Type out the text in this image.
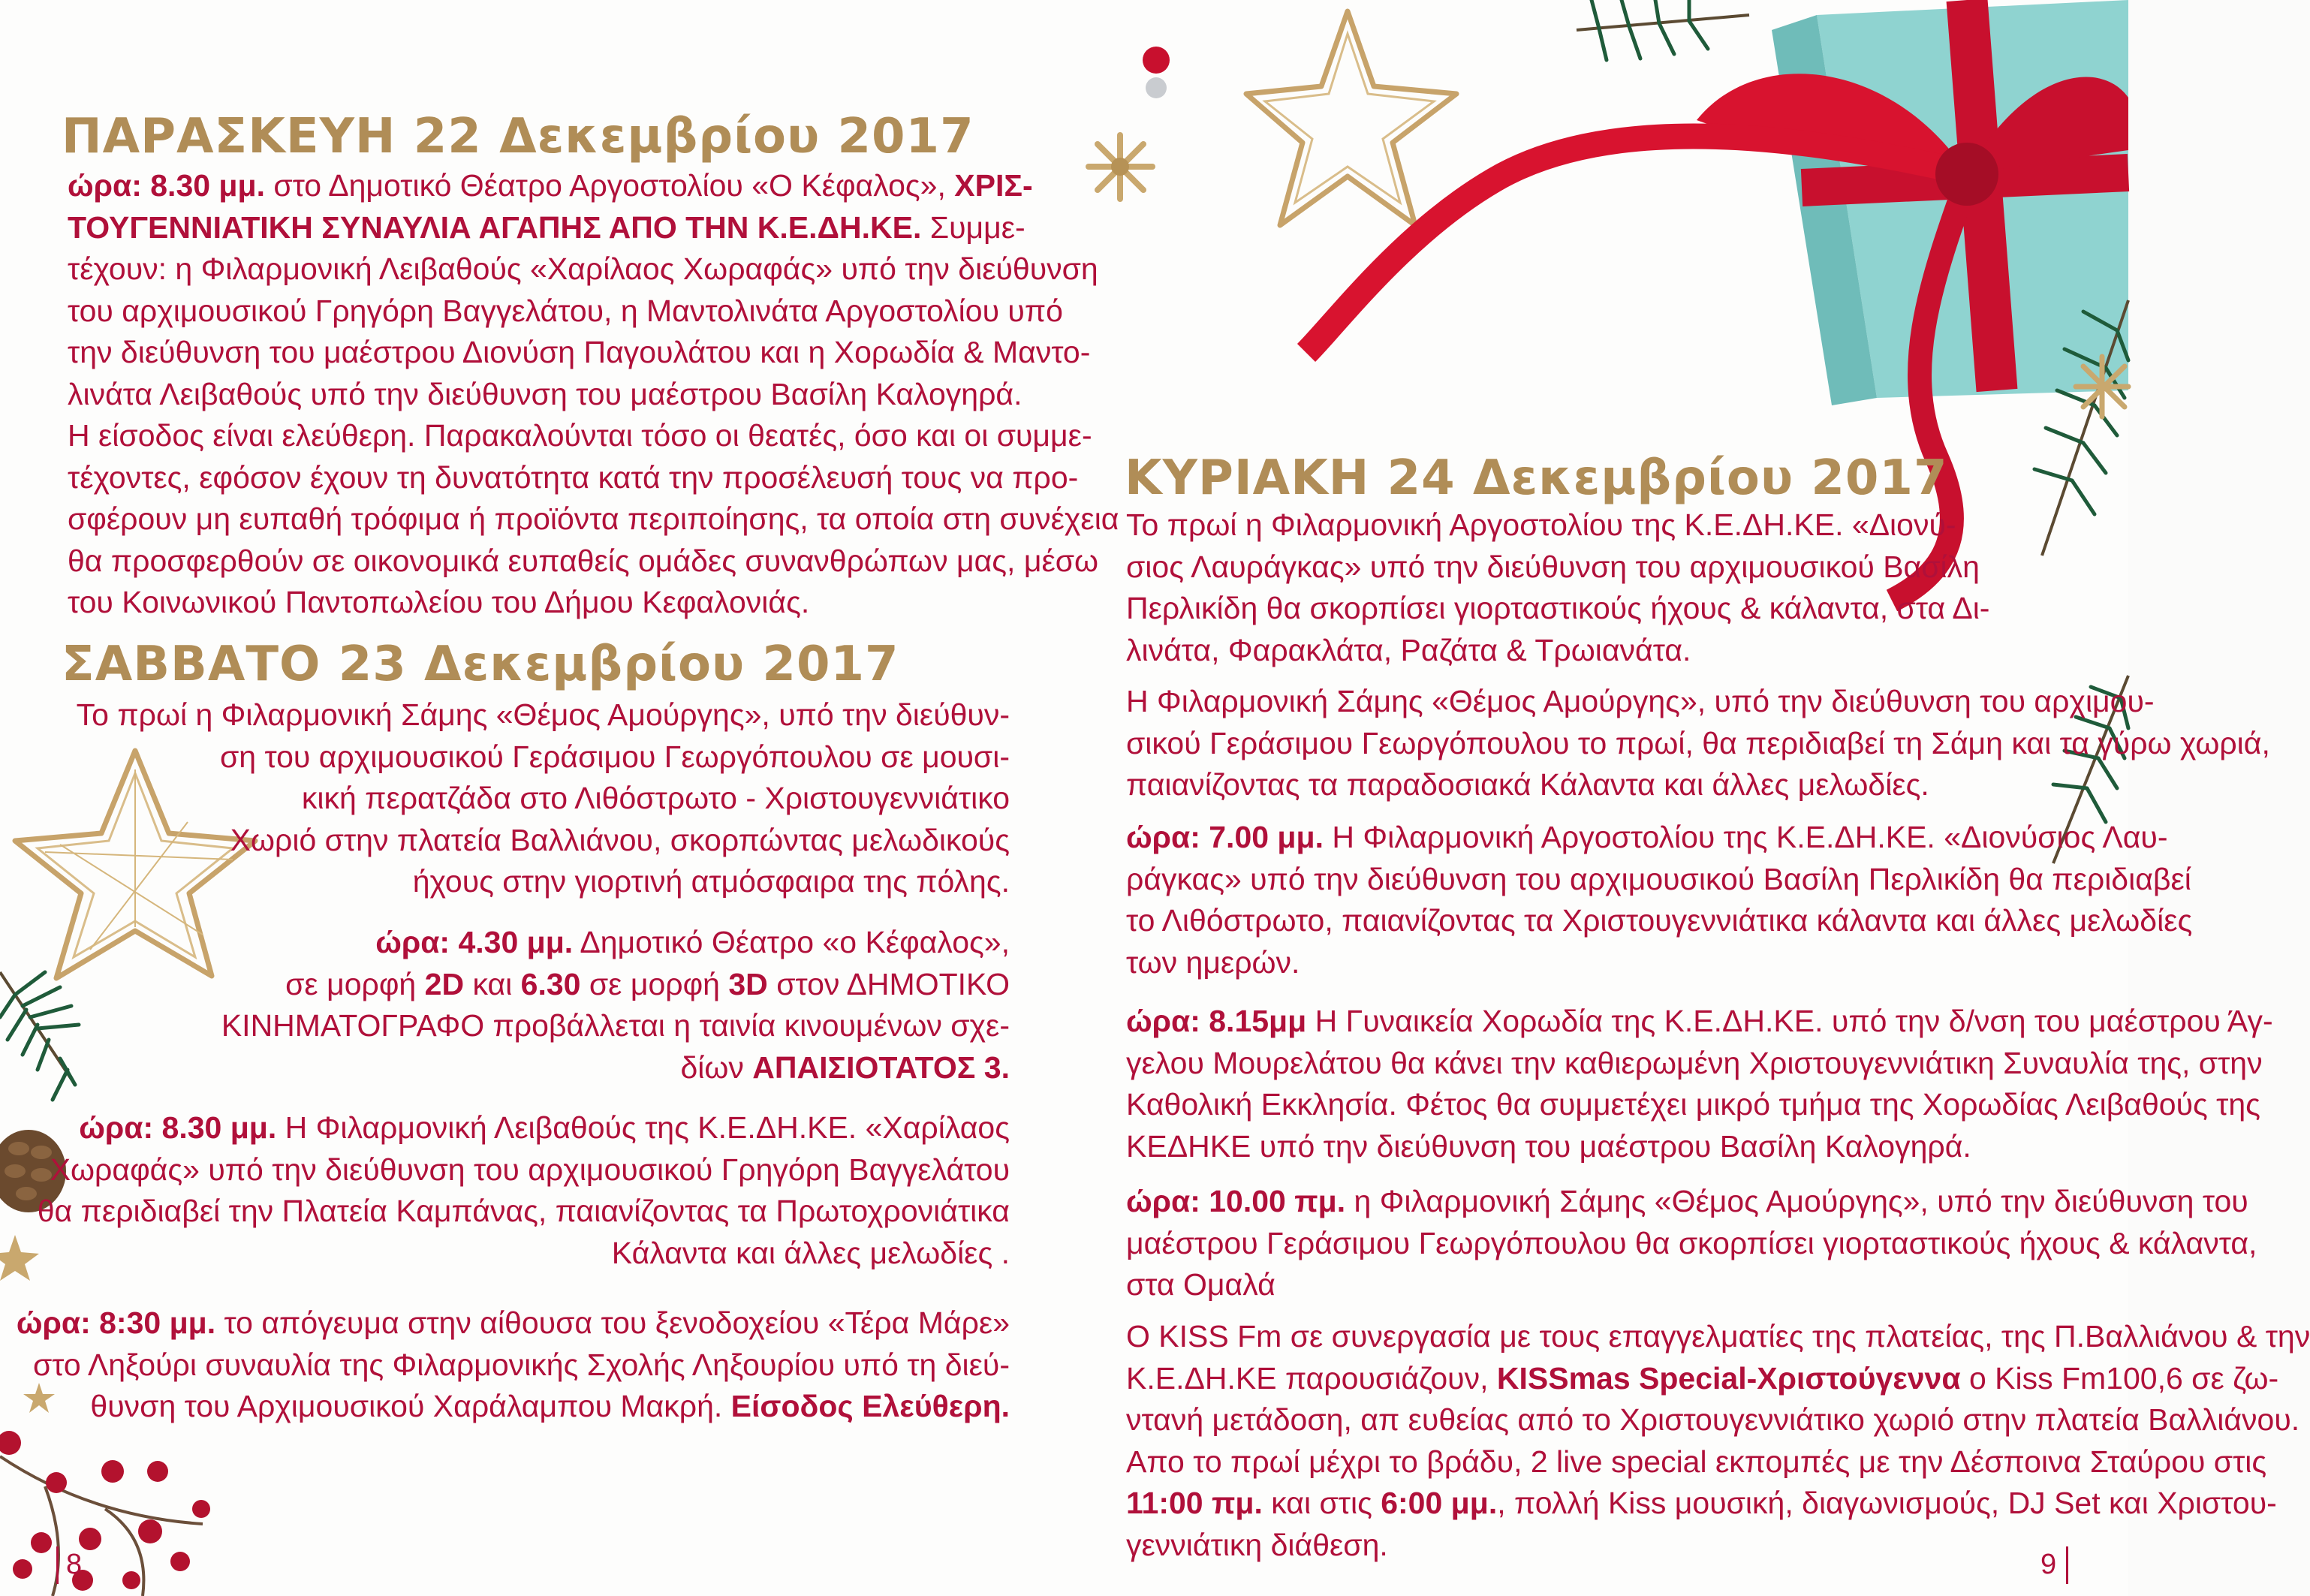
ΠΑΡΑΣΚΕΥΗ 22 Δεκεμβρίου 2017
ώρα: 8.30 μμ. στο Δημοτικό Θέατρο Αργοστολίου «Ο Κέφαλος», ΧΡΙΣ-
ΤΟΥΓΕΝΝΙΑΤΙΚΗ ΣΥΝΑΥΛΙΑ ΑΓΑΠΗΣ ΑΠΟ ΤΗΝ Κ.Ε.ΔΗ.ΚΕ. Συμμε-
τέχουν: η Φιλαρμονική Λειβαθούς «Χαρίλαος Χωραφάς» υπό την διεύθυνση
του αρχιμουσικού Γρηγόρη Βαγγελάτου, η Μαντολινάτα Αργοστολίου υπό
την διεύθυνση του μαέστρου Διονύση Παγουλάτου και η Χορωδία & Μαντο-
λινάτα Λειβαθούς υπό την διεύθυνση του μαέστρου Βασίλη Καλογηρά.
Η είσοδος είναι ελεύθερη. Παρακαλούνται τόσο οι θεατές, όσο και οι συμμε-
τέχοντες, εφόσον έχουν τη δυνατότητα κατά την προσέλευσή τους να προ-
σφέρουν μη ευπαθή τρόφιμα ή προϊόντα περιποίησης, τα οποία στη συνέχεια
θα προσφερθούν σε οικονομικά ευπαθείς ομάδες συνανθρώπων μας, μέσω
του Κοινωνικού Παντοπωλείου του Δήμου Κεφαλονιάς.
ΣΑΒΒΑΤΟ 23 Δεκεμβρίου 2017
Το πρωί η Φιλαρμονική Σάμης «Θέμος Αμούργης», υπό την διεύθυν-
ση του αρχιμουσικού Γεράσιμου Γεωργόπουλου σε μουσι-
κική περατζάδα στο Λιθόστρωτο - Χριστουγεννιάτικο
Χωριό στην πλατεία Βαλλιάνου, σκορπώντας μελωδικούς
ήχους στην γιορτινή ατμόσφαιρα της πόλης.
ώρα: 4.30 μμ. Δημοτικό Θέατρο «ο Κέφαλος»,
σε μορφή 2D και 6.30 σε μορφή 3D στον ΔΗΜΟΤΙΚΟ
ΚΙΝΗΜΑΤΟΓΡΑΦΟ προβάλλεται η ταινία κινουμένων σχε-
δίων ΑΠΑΙΣΙΟΤΑΤΟΣ 3.
ώρα: 8.30 μμ. Η Φιλαρμονική Λειβαθούς της Κ.Ε.ΔΗ.ΚΕ. «Χαρίλαος
Χωραφάς» υπό την διεύθυνση του αρχιμουσικού Γρηγόρη Βαγγελάτου
θα περιδιαβεί την Πλατεία Καμπάνας, παιανίζοντας τα Πρωτοχρονιάτικα
Κάλαντα και άλλες μελωδίες .
ώρα: 8:30 μμ. το απόγευμα στην αίθουσα του ξενοδοχείου «Τέρα Μάρε»
στο Ληξούρι συναυλία της Φιλαρμονικής Σχολής Ληξουρίου υπό τη διεύ-
θυνση του Αρχιμουσικού Χαράλαμπου Μακρή. Είσοδος Ελεύθερη.
8
ΚΥΡΙΑΚΗ 24 Δεκεμβρίου 2017
Το πρωί η Φιλαρμονική Αργοστολίου της Κ.Ε.ΔΗ.ΚΕ. «Διονύ-
σιος Λαυράγκας» υπό την διεύθυνση του αρχιμουσικού Βασίλη
Περλικίδη θα σκορπίσει γιορταστικούς ήχους & κάλαντα, στα Δι-
λινάτα, Φαρακλάτα, Ραζάτα & Τρωιανάτα.
Η Φιλαρμονική Σάμης «Θέμος Αμούργης», υπό την διεύθυνση του αρχιμου-
σικού Γεράσιμου Γεωργόπουλου το πρωί, θα περιδιαβεί τη Σάμη και τα γύρω χωριά,
παιανίζοντας τα παραδοσιακά Κάλαντα και άλλες μελωδίες.
ώρα: 7.00 μμ. Η Φιλαρμονική Αργοστολίου της Κ.Ε.ΔΗ.ΚΕ. «Διονύσιος Λαυ-
ράγκας» υπό την διεύθυνση του αρχιμουσικού Βασίλη Περλικίδη θα περιδιαβεί
το Λιθόστρωτο, παιανίζοντας τα Χριστουγεννιάτικα κάλαντα και άλλες μελωδίες
των ημερών.
ώρα: 8.15μμ Η Γυναικεία Χορωδία της Κ.Ε.ΔΗ.ΚΕ. υπό την δ/νση του μαέστρου Άγ-
γελου Μουρελάτου θα κάνει την καθιερωμένη Χριστουγεννιάτικη Συναυλία της, στην
Καθολική Εκκλησία. Φέτος θα συμμετέχει μικρό τμήμα της Χορωδίας Λειβαθούς της
ΚΕΔΗΚΕ υπό την διεύθυνση του μαέστρου Βασίλη Καλογηρά.
ώρα: 10.00 πμ. η Φιλαρμονική Σάμης «Θέμος Αμούργης», υπό την διεύθυνση του
μαέστρου Γεράσιμου Γεωργόπουλου θα σκορπίσει γιορταστικούς ήχους & κάλαντα,
στα Ομαλά
Ο KISS Fm σε συνεργασία με τους επαγγελματίες της πλατείας, της Π.Βαλλιάνου & την
Κ.Ε.ΔΗ.ΚΕ παρουσιάζουν, KISSmas Special-Χριστούγεννα ο Kiss Fm100,6 σε ζω-
ντανή μετάδοση, απ ευθείας από το Χριστουγεννιάτικο χωριό στην πλατεία Βαλλιάνου.
Απο το πρωί μέχρι το βράδυ, 2 live special εκπομπές με την Δέσποινα Σταύρου στις
11:00 πμ. και στις 6:00 μμ., πολλή Kiss μουσική, διαγωνισμούς, DJ Set και Χριστου-
γεννιάτικη διάθεση.
9
